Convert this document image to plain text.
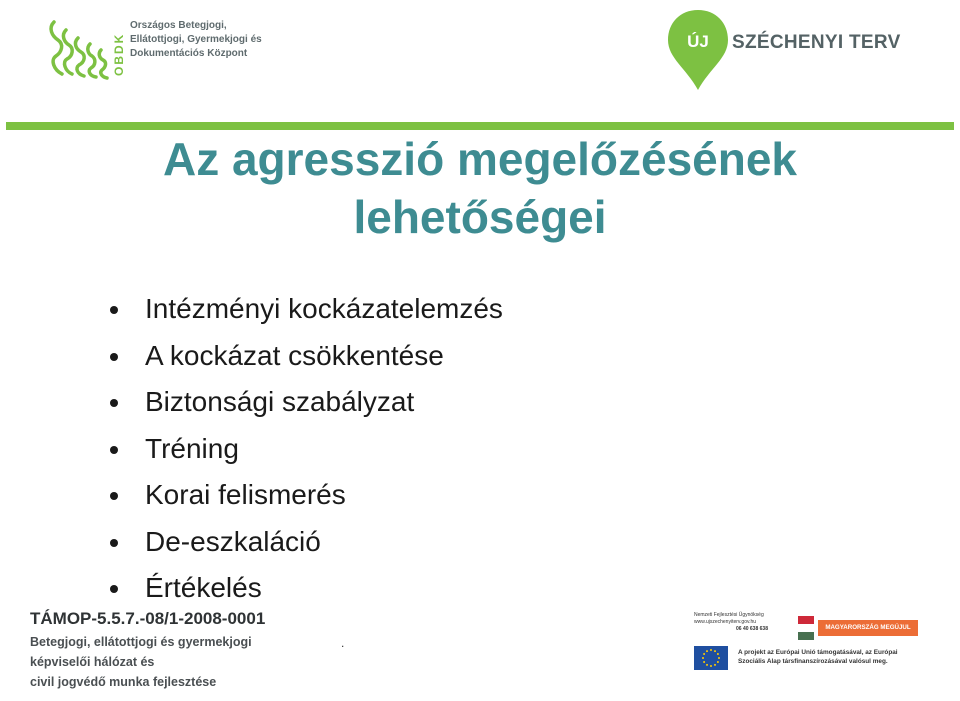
OBDK
Országos Betegjogi,
Ellátottjogi, Gyermekjogi és
Dokumentációs Központ
ÚJ	SZÉCHENYI TERV
Az agresszió megelőzésének
lehetőségei
Intézményi kockázatelemzés
A kockázat csökkentése
Biztonsági szabályzat
Tréning
Korai felismerés
De-eszkaláció
Értékelés
TÁMOP-5.5.7.-08/1-2008-0001
Betegjogi, ellátottjogi és gyermekjogi
képviselői hálózat és
civil jogvédő munka fejlesztése
.
Nemzeti Fejlesztési Ügynökség
www.ujszechenyiterv.gov.hu
06 40 638 638	MAGYARORSZÁG MEGÚJUL
A projekt az Európai Unió támogatásával, az Európai
Szociális Alap társfinanszírozásával valósul meg.
